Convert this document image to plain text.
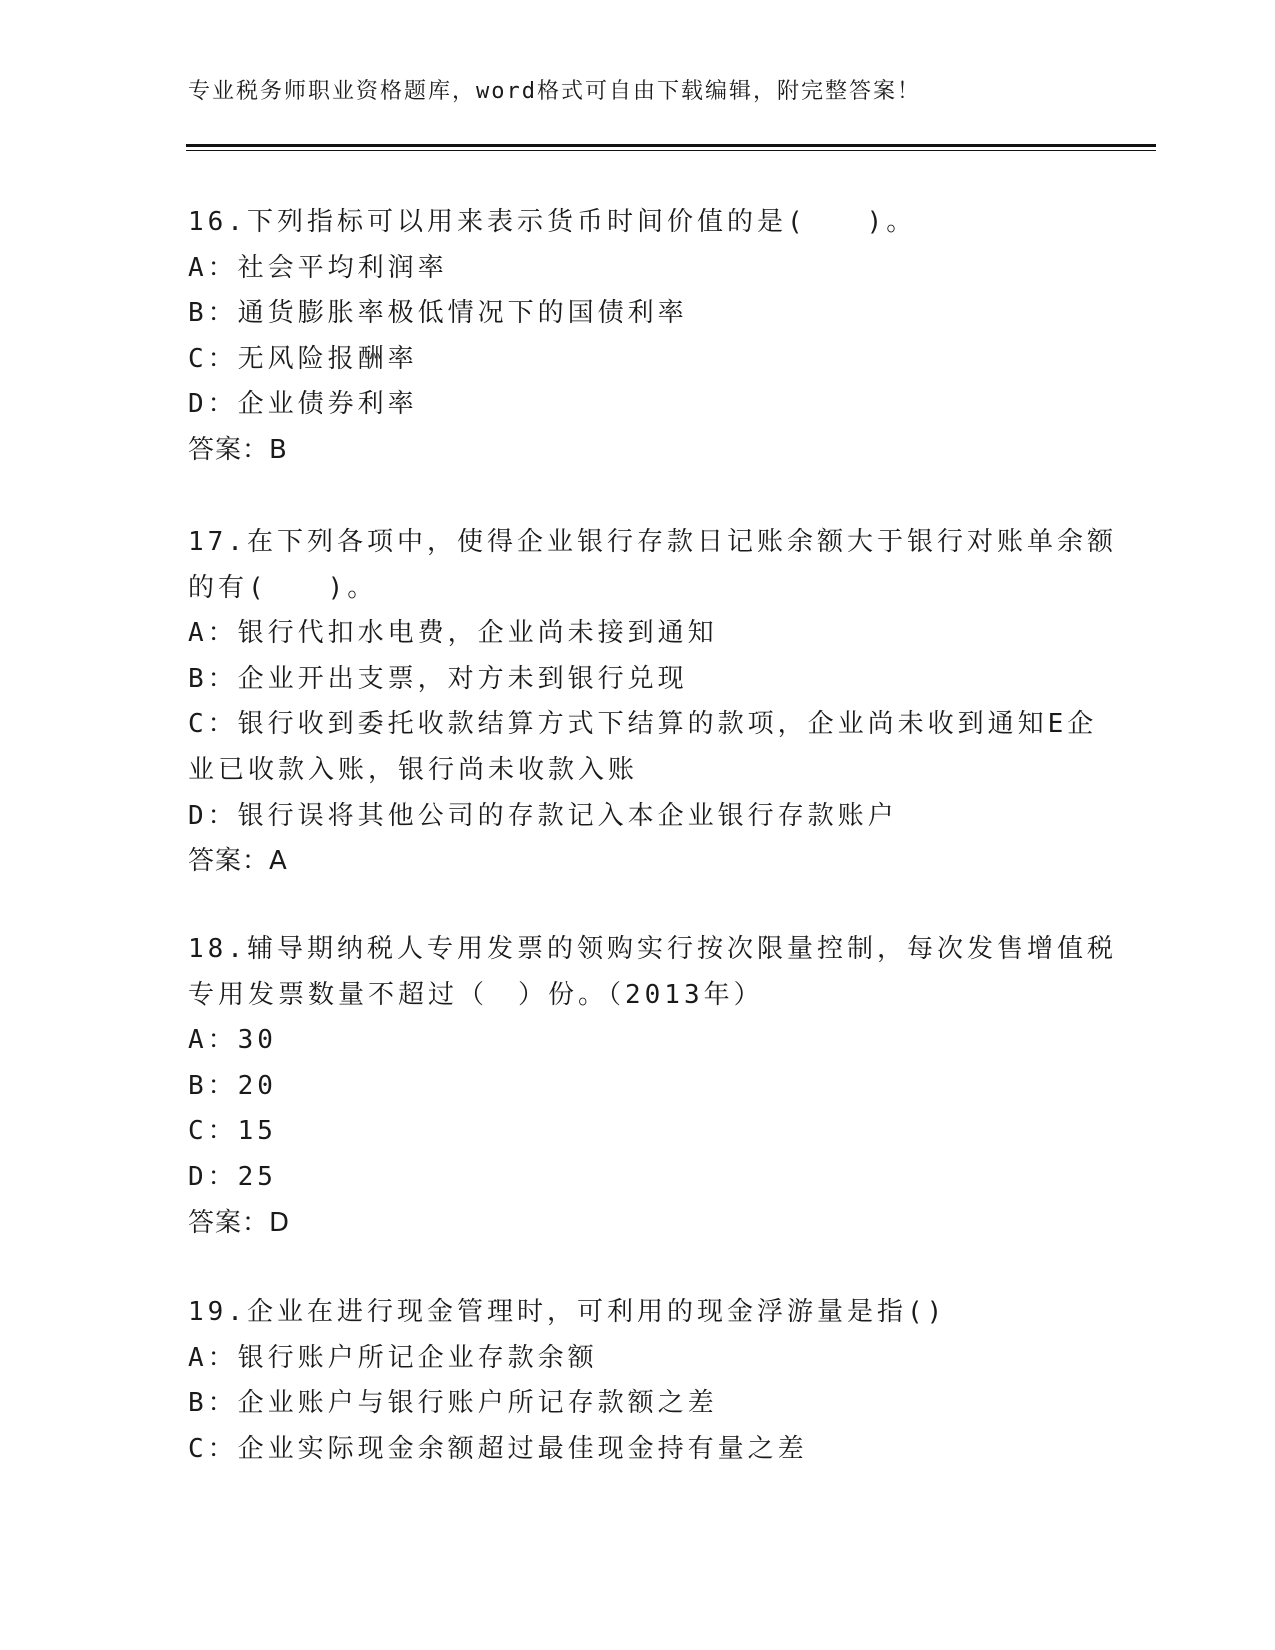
专业税务师职业资格题库，word格式可自由下载编辑，附完整答案！
16.下列指标可以用来表示货币时间价值的是(　　)。
A：社会平均利润率
B：通货膨胀率极低情况下的国债利率
C：无风险报酬率
D：企业债券利率
答案：B
17.在下列各项中，使得企业银行存款日记账余额大于银行对账单余额
的有(　　)。
A：银行代扣水电费，企业尚未接到通知
B：企业开出支票，对方未到银行兑现
C：银行收到委托收款结算方式下结算的款项，企业尚未收到通知E企
业已收款入账，银行尚未收款入账
D：银行误将其他公司的存款记入本企业银行存款账户
答案：A
18.辅导期纳税人专用发票的领购实行按次限量控制，每次发售增值税
专用发票数量不超过（　）份。（2013年）
A：30
B：20
C：15
D：25
答案：D
19.企业在进行现金管理时，可利用的现金浮游量是指()
A：银行账户所记企业存款余额
B：企业账户与银行账户所记存款额之差
C：企业实际现金余额超过最佳现金持有量之差
